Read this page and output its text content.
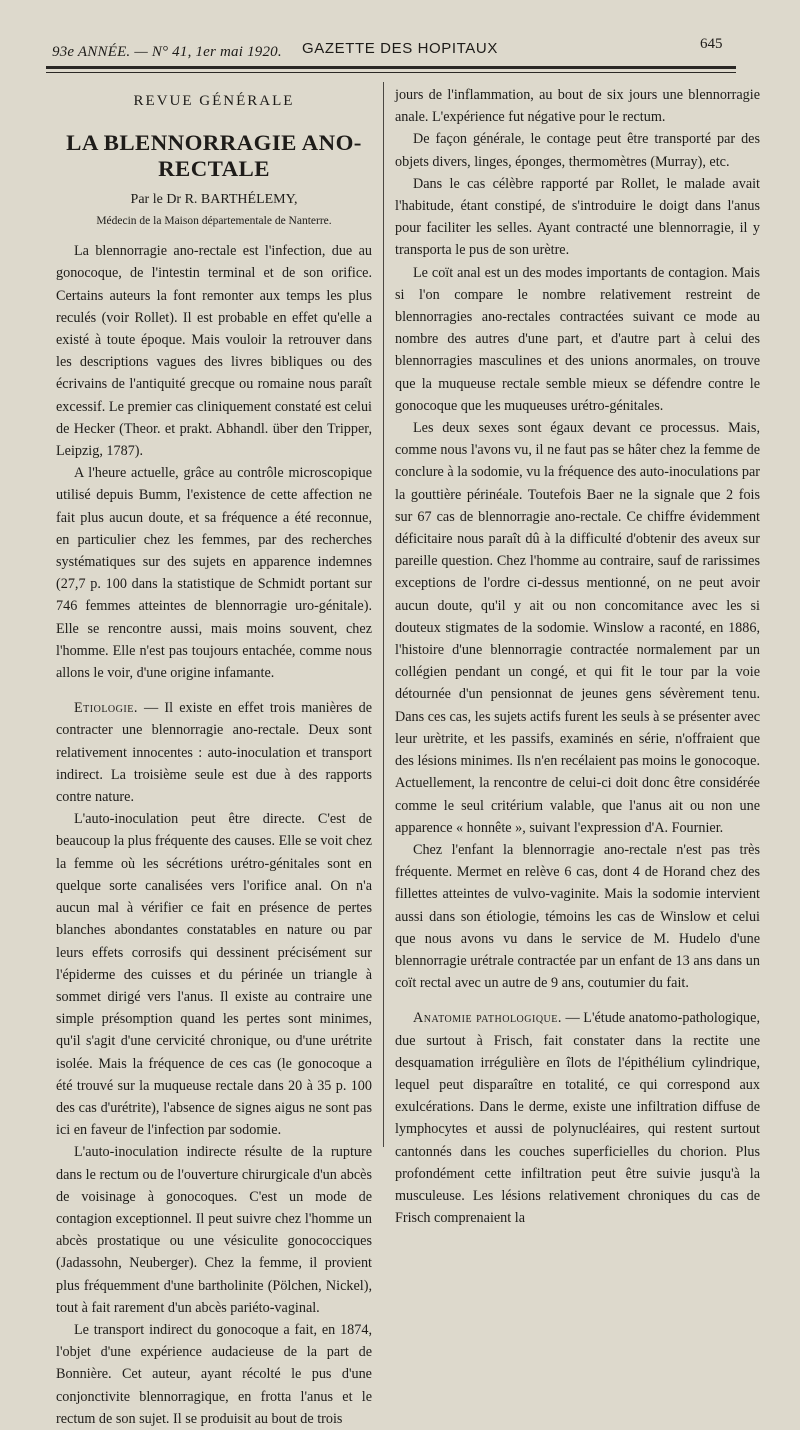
93e ANNÉE. — N° 41, 1er mai 1920.	GAZETTE DES HOPITAUX	645
REVUE GÉNÉRALE
LA BLENNORRAGIE ANO-RECTALE
Par le Dr R. BARTHÉLEMY,
Médecin de la Maison départementale de Nanterre.

La blennorragie ano-rectale est l'infection, due au gonocoque, de l'intestin terminal et de son orifice. Certains auteurs la font remonter aux temps les plus reculés (voir Rollet). Il est probable en effet qu'elle a existé à toute époque. Mais vouloir la retrouver dans les descriptions vagues des livres bibliques ou des écrivains de l'antiquité grecque ou romaine nous paraît excessif. Le premier cas cliniquement constaté est celui de Hecker (Theor. et prakt. Abhandl. über den Tripper, Leipzig, 1787).

A l'heure actuelle, grâce au contrôle microscopique utilisé depuis Bumm, l'existence de cette affection ne fait plus aucun doute, et sa fréquence a été reconnue, en particulier chez les femmes, par des recherches systématiques sur des sujets en apparence indemnes (27,7 p. 100 dans la statistique de Schmidt portant sur 746 femmes atteintes de blennorragie uro-génitale). Elle se rencontre aussi, mais moins souvent, chez l'homme. Elle n'est pas toujours entachée, comme nous allons le voir, d'une origine infamante.

Etiologie. — Il existe en effet trois manières de contracter une blennorragie ano-rectale. Deux sont relativement innocentes : auto-inoculation et transport indirect. La troisième seule est due à des rapports contre nature.

L'auto-inoculation peut être directe. C'est de beaucoup la plus fréquente des causes. Elle se voit chez la femme où les sécrétions urétro-génitales sont en quelque sorte canalisées vers l'orifice anal. On n'a aucun mal à vérifier ce fait en présence de pertes blanches abondantes constatables en nature ou par leurs effets corrosifs qui dessinent précisément sur l'épiderme des cuisses et du périnée un triangle à sommet dirigé vers l'anus. Il existe au contraire une simple présomption quand les pertes sont minimes, qu'il s'agit d'une cervicité chronique, ou d'une urétrite isolée. Mais la fréquence de ces cas (le gonocoque a été trouvé sur la muqueuse rectale dans 20 à 35 p. 100 des cas d'urétrite), l'absence de signes aigus ne sont pas ici en faveur de l'infection par sodomie.

L'auto-inoculation indirecte résulte de la rupture dans le rectum ou de l'ouverture chirurgicale d'un abcès de voisinage à gonocoques. C'est un mode de contagion exceptionnel. Il peut suivre chez l'homme un abcès prostatique ou une vésiculite gonococciques (Jadassohn, Neuberger). Chez la femme, il provient plus fréquemment d'une bartholinite (Pölchen, Nickel), tout à fait rarement d'un abcès pariéto-vaginal.

Le transport indirect du gonocoque a fait, en 1874, l'objet d'une expérience audacieuse de la part de Bonnière. Cet auteur, ayant récolté le pus d'une conjonctivite blennorragique, en frotta l'anus et le rectum de son sujet. Il se produisit au bout de trois

jours de l'inflammation, au bout de six jours une blennorragie anale. L'expérience fut négative pour le rectum.

De façon générale, le contage peut être transporté par des objets divers, linges, éponges, thermomètres (Murray), etc.

Dans le cas célèbre rapporté par Rollet, le malade avait l'habitude, étant constipé, de s'introduire le doigt dans l'anus pour faciliter les selles. Ayant contracté une blennorragie, il y transporta le pus de son urètre.

Le coït anal est un des modes importants de contagion. Mais si l'on compare le nombre relativement restreint de blennorragies ano-rectales contractées suivant ce mode au nombre des autres d'une part, et d'autre part à celui des blennorragies masculines et des unions anormales, on trouve que la muqueuse rectale semble mieux se défendre contre le gonocoque que les muqueuses urétro-génitales.

Les deux sexes sont égaux devant ce processus. Mais, comme nous l'avons vu, il ne faut pas se hâter chez la femme de conclure à la sodomie, vu la fréquence des auto-inoculations par la gouttière périnéale. Toutefois Baer ne la signale que 2 fois sur 67 cas de blennorragie ano-rectale. Ce chiffre évidemment déficitaire nous paraît dû à la difficulté d'obtenir des aveux sur pareille question. Chez l'homme au contraire, sauf de rarissimes exceptions de l'ordre ci-dessus mentionné, on ne peut avoir aucun doute, qu'il y ait ou non concomitance avec les si douteux stigmates de la sodomie. Winslow a raconté, en 1886, l'histoire d'une blennorragie contractée normalement par un collégien pendant un congé, et qui fit le tour par la voie détournée d'un pensionnat de jeunes gens sévèrement tenu. Dans ces cas, les sujets actifs furent les seuls à se présenter avec leur urètrite, et les passifs, examinés en série, n'offraient que des lésions minimes. Ils n'en recélaient pas moins le gonocoque. Actuellement, la rencontre de celui-ci doit donc être considérée comme le seul critérium valable, que l'anus ait ou non une apparence « honnête », suivant l'expression d'A. Fournier.

Chez l'enfant la blennorragie ano-rectale n'est pas très fréquente. Mermet en relève 6 cas, dont 4 de Horand chez des fillettes atteintes de vulvo-vaginite. Mais la sodomie intervient aussi dans son étiologie, témoins les cas de Winslow et celui que nous avons vu dans le service de M. Hudelo d'une blennorragie urétrale contractée par un enfant de 13 ans dans un coït rectal avec un autre de 9 ans, coutumier du fait.

Anatomie pathologique. — L'étude anatomo-pathologique, due surtout à Frisch, fait constater dans la rectite une desquamation irrégulière en îlots de l'épithélium cylindrique, lequel peut disparaître en totalité, ce qui correspond aux exulcérations. Dans le derme, existe une infiltration diffuse de lymphocytes et aussi de polynucléaires, qui restent surtout cantonnés dans les couches superficielles du chorion. Plus profondément cette infiltration peut être suivie jusqu'à la musculeuse. Les lésions relativement chroniques du cas de Frisch comprenaient la
